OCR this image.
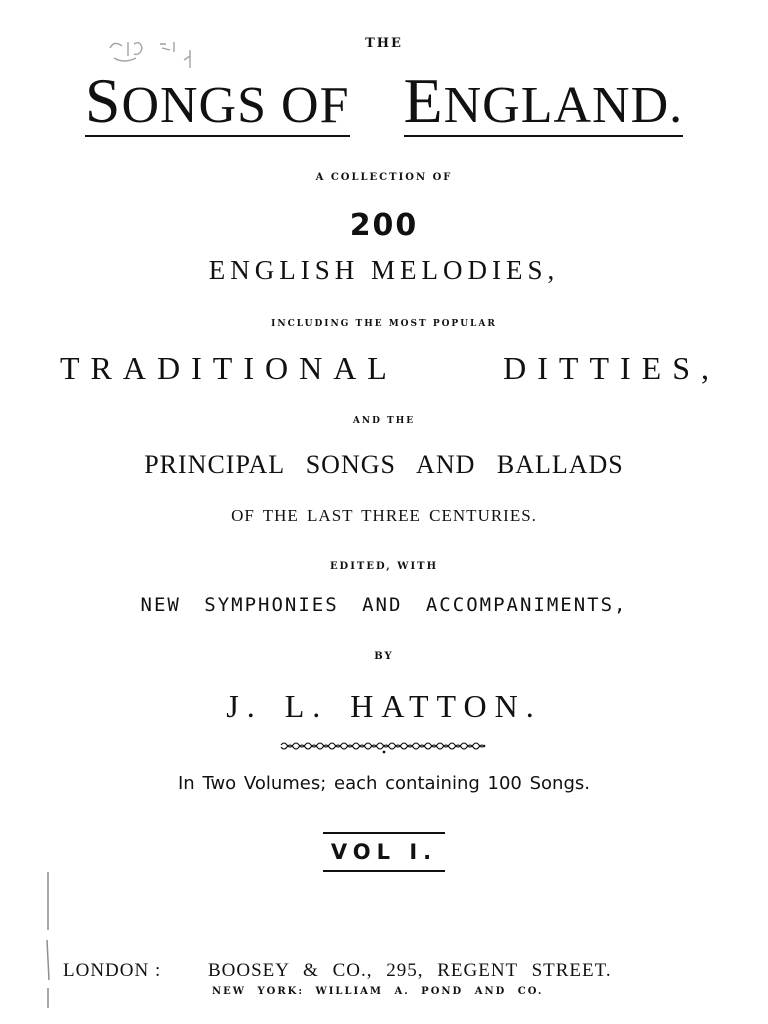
THE
SONGS OF ENGLAND.
A COLLECTION OF
200
ENGLISH MELODIES,
INCLUDING THE MOST POPULAR
TRADITIONAL	DITTIES,
AND THE
PRINCIPAL SONGS AND BALLADS
OF THE LAST THREE CENTURIES.
EDITED, WITH
NEW SYMPHONIES AND ACCOMPANIMENTS,
BY
J. L. HATTON.
In Two Volumes; each containing 100 Songs.
VOL I.
LONDON : BOOSEY & CO., 295, REGENT STREET.
NEW YORK: WILLIAM A. POND AND CO.
